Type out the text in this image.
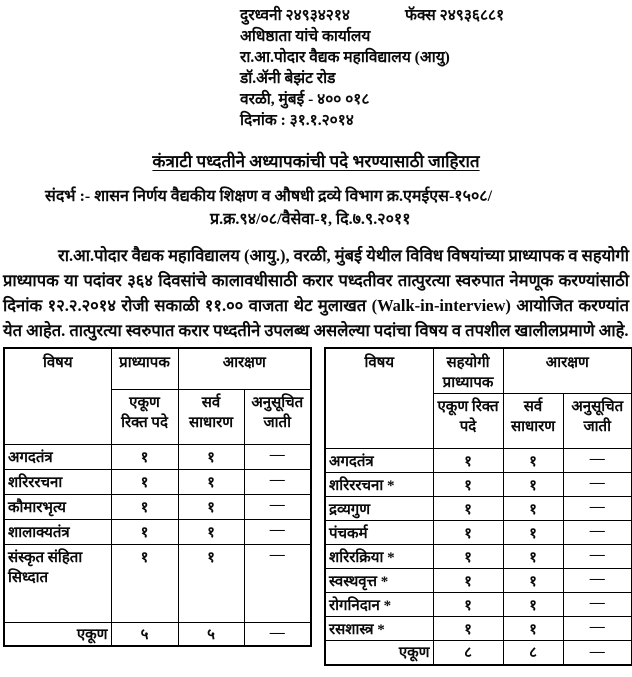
दुरध्वनी २४९३४२१४	फॅक्स २४९३६८८१
अधिष्ठाता यांचे कार्यालय
रा.आ.पोदार वैद्यक महाविद्यालय (आयु)
डॉ.ॲनी बेझंट रोड
वरळी, मुंबई - ४०० ०१८
दिनांक : ३१.१.२०१४
कंत्राटी पध्दतीने अध्यापकांची पदे भरण्यासाठी जाहिरात
संदर्भ :- शासन निर्णय वैद्यकीय शिक्षण व औषधी द्रव्ये विभाग क्र.एमईएस-१५०८/
प्र.क्र.९४/०८/वैसेवा-१, दि.७.९.२०११
रा.आ.पोदार वैद्यक महाविद्यालय (आयु.), वरळी, मुंबई येथील विविध विषयांच्या प्राध्यापक व सहयोगी प्राध्यापक या पदांवर ३६४ दिवसांचे कालावधीसाठी करार पध्दतीवर तात्पुरत्या स्वरुपात नेमणूक करण्यांसाठी दिनांक १२.२.२०१४ रोजी सकाळी ११.०० वाजता थेट मुलाखत (Walk-in-interview) आयोजित करण्यांत येत आहेत. तात्पुरत्या स्वरुपात करार पध्दतीने उपलब्ध असलेल्या पदांचा विषय व तपशील खालीलप्रमाणे आहे.
विषय	प्राध्यापक	आरक्षण	
	एकूण रिक्त पदे	सर्व साधारण	अनुसूचित जाती
अगदतंत्र	१	१	—
शरिररचना	१	१	—
कौमारभृत्य	१	१	—
शालाक्यतंत्र	१	१	—
संस्कृत संहिता सिध्दात	१	१	—
एकूण	५	५	—
विषय	सहयोगी प्राध्यापक	आरक्षण	
	एकूण रिक्त पदे	सर्व साधारण	अनुसूचित जाती
अगदतंत्र	१	१	—
शरिररचना *	१	१	—
द्रव्यगुण	१	१	—
पंचकर्म	१	१	—
शरिरक्रिया *	१	१	—
स्वस्थवृत्त *	१	१	—
रोगनिदान *	१	१	—
रसशास्त्र *	१	१	—
एकूण	८	८	—
